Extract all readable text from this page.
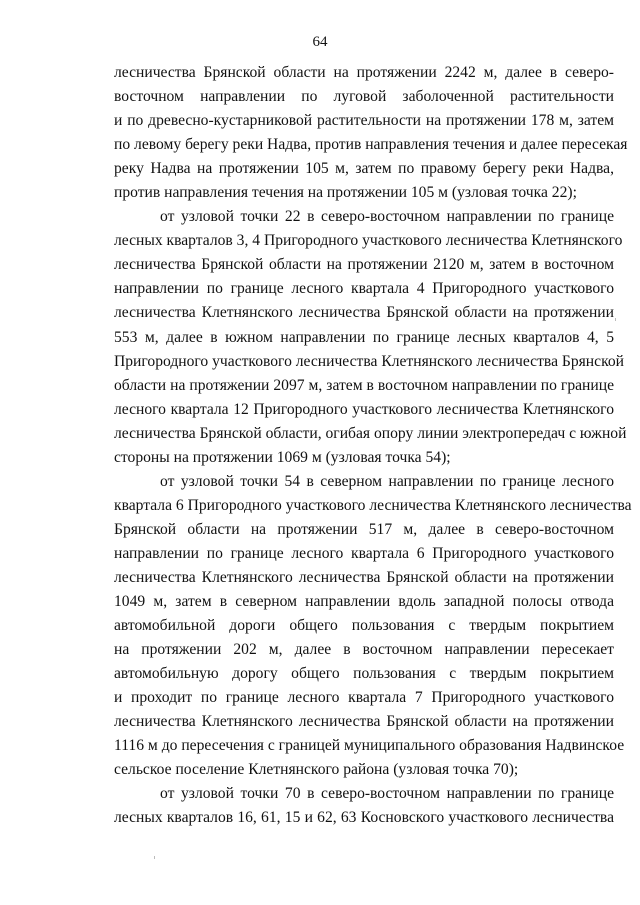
64
лесничества Брянской области на протяжении 2242 м, далее в северо-
восточном направлении по луговой заболоченной растительности
и по древесно-кустарниковой растительности на протяжении 178 м, затем
по левому берегу реки Надва, против направления течения и далее пересекая
реку Надва на протяжении 105 м, затем по правому берегу реки Надва,
против направления течения на протяжении 105 м (узловая точка 22);
от узловой точки 22 в северо-восточном направлении по границе
лесных кварталов 3, 4 Пригородного участкового лесничества Клетнянского
лесничества Брянской области на протяжении 2120 м, затем в восточном
направлении по границе лесного квартала 4 Пригородного участкового
лесничества Клетнянского лесничества Брянской области на протяжении
553 м, далее в южном направлении по границе лесных кварталов 4, 5
Пригородного участкового лесничества Клетнянского лесничества Брянской
области на протяжении 2097 м, затем в восточном направлении по границе
лесного квартала 12 Пригородного участкового лесничества Клетнянского
лесничества Брянской области, огибая опору линии электропередач с южной
стороны на протяжении 1069 м (узловая точка 54);
от узловой точки 54 в северном направлении по границе лесного
квартала 6 Пригородного участкового лесничества Клетнянского лесничества
Брянской области на протяжении 517 м, далее в северо-восточном
направлении по границе лесного квартала 6 Пригородного участкового
лесничества Клетнянского лесничества Брянской области на протяжении
1049 м, затем в северном направлении вдоль западной полосы отвода
автомобильной дороги общего пользования с твердым покрытием
на протяжении 202 м, далее в восточном направлении пересекает
автомобильную дорогу общего пользования с твердым покрытием
и проходит по границе лесного квартала 7 Пригородного участкового
лесничества Клетнянского лесничества Брянской области на протяжении
1116 м до пересечения с границей муниципального образования Надвинское
сельское поселение Клетнянского района (узловая точка 70);
от узловой точки 70 в северо-восточном направлении по границе
лесных кварталов 16, 61, 15 и 62, 63 Косновского участкового лесничества
